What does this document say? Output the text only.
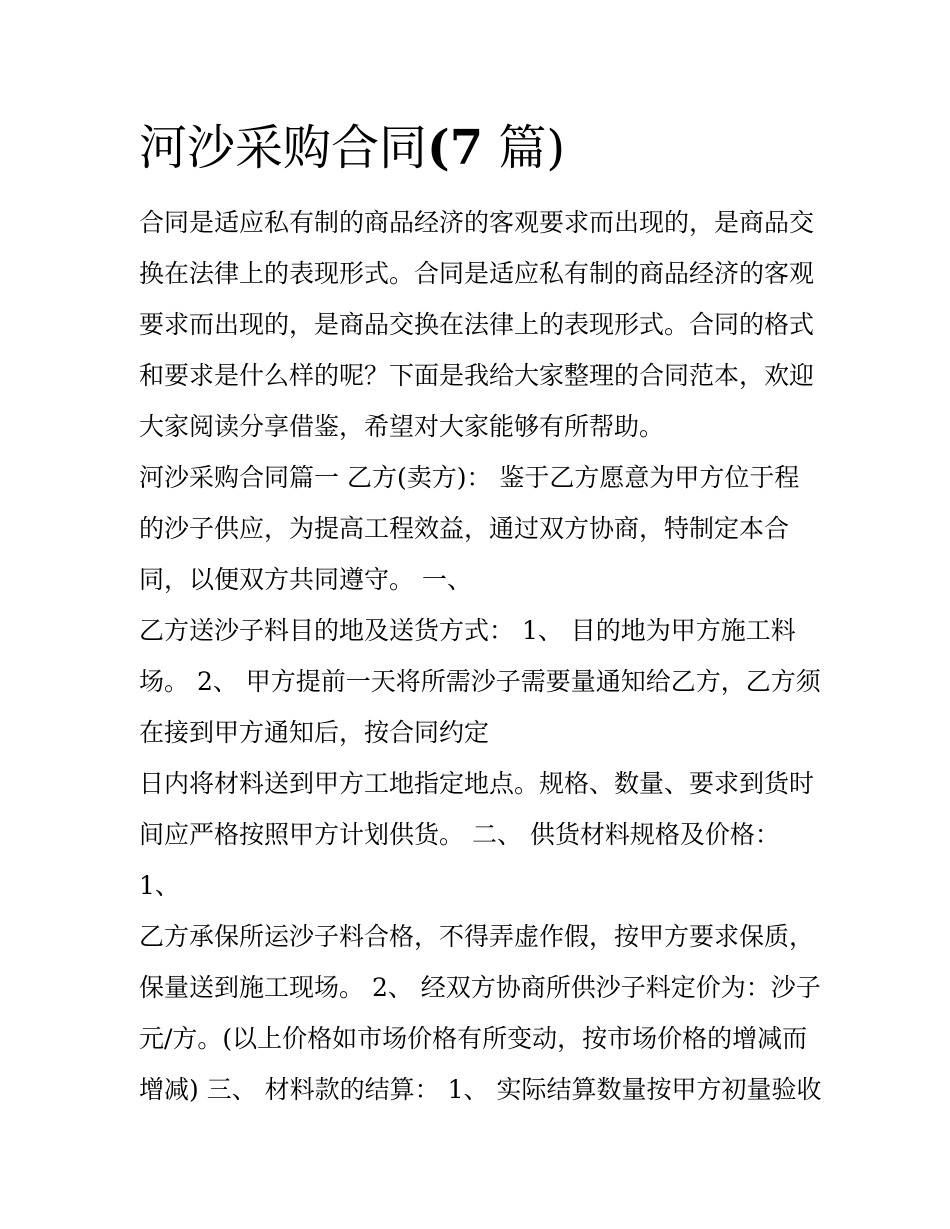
河沙采购合同(7 篇)
合同是适应私有制的商品经济的客观要求而出现的，是商品交
换在法律上的表现形式。合同是适应私有制的商品经济的客观
要求而出现的，是商品交换在法律上的表现形式。合同的格式
和要求是什么样的呢？下面是我给大家整理的合同范本，欢迎
大家阅读分享借鉴，希望对大家能够有所帮助。
河沙采购合同篇一 乙方(卖方)： 鉴于乙方愿意为甲方位于程
的沙子供应，为提高工程效益，通过双方协商，特制定本合
同，以便双方共同遵守。 一、
乙方送沙子料目的地及送货方式： 1、 目的地为甲方施工料
场。 2、 甲方提前一天将所需沙子需要量通知给乙方，乙方须
在接到甲方通知后，按合同约定
日内将材料送到甲方工地指定地点。规格、数量、要求到货时
间应严格按照甲方计划供货。 二、 供货材料规格及价格：
1、
乙方承保所运沙子料合格，不得弄虚作假，按甲方要求保质，
保量送到施工现场。 2、 经双方协商所供沙子料定价为：沙子
元/方。(以上价格如市场价格有所变动，按市场价格的增减而
增减) 三、 材料款的结算： 1、 实际结算数量按甲方初量验收
